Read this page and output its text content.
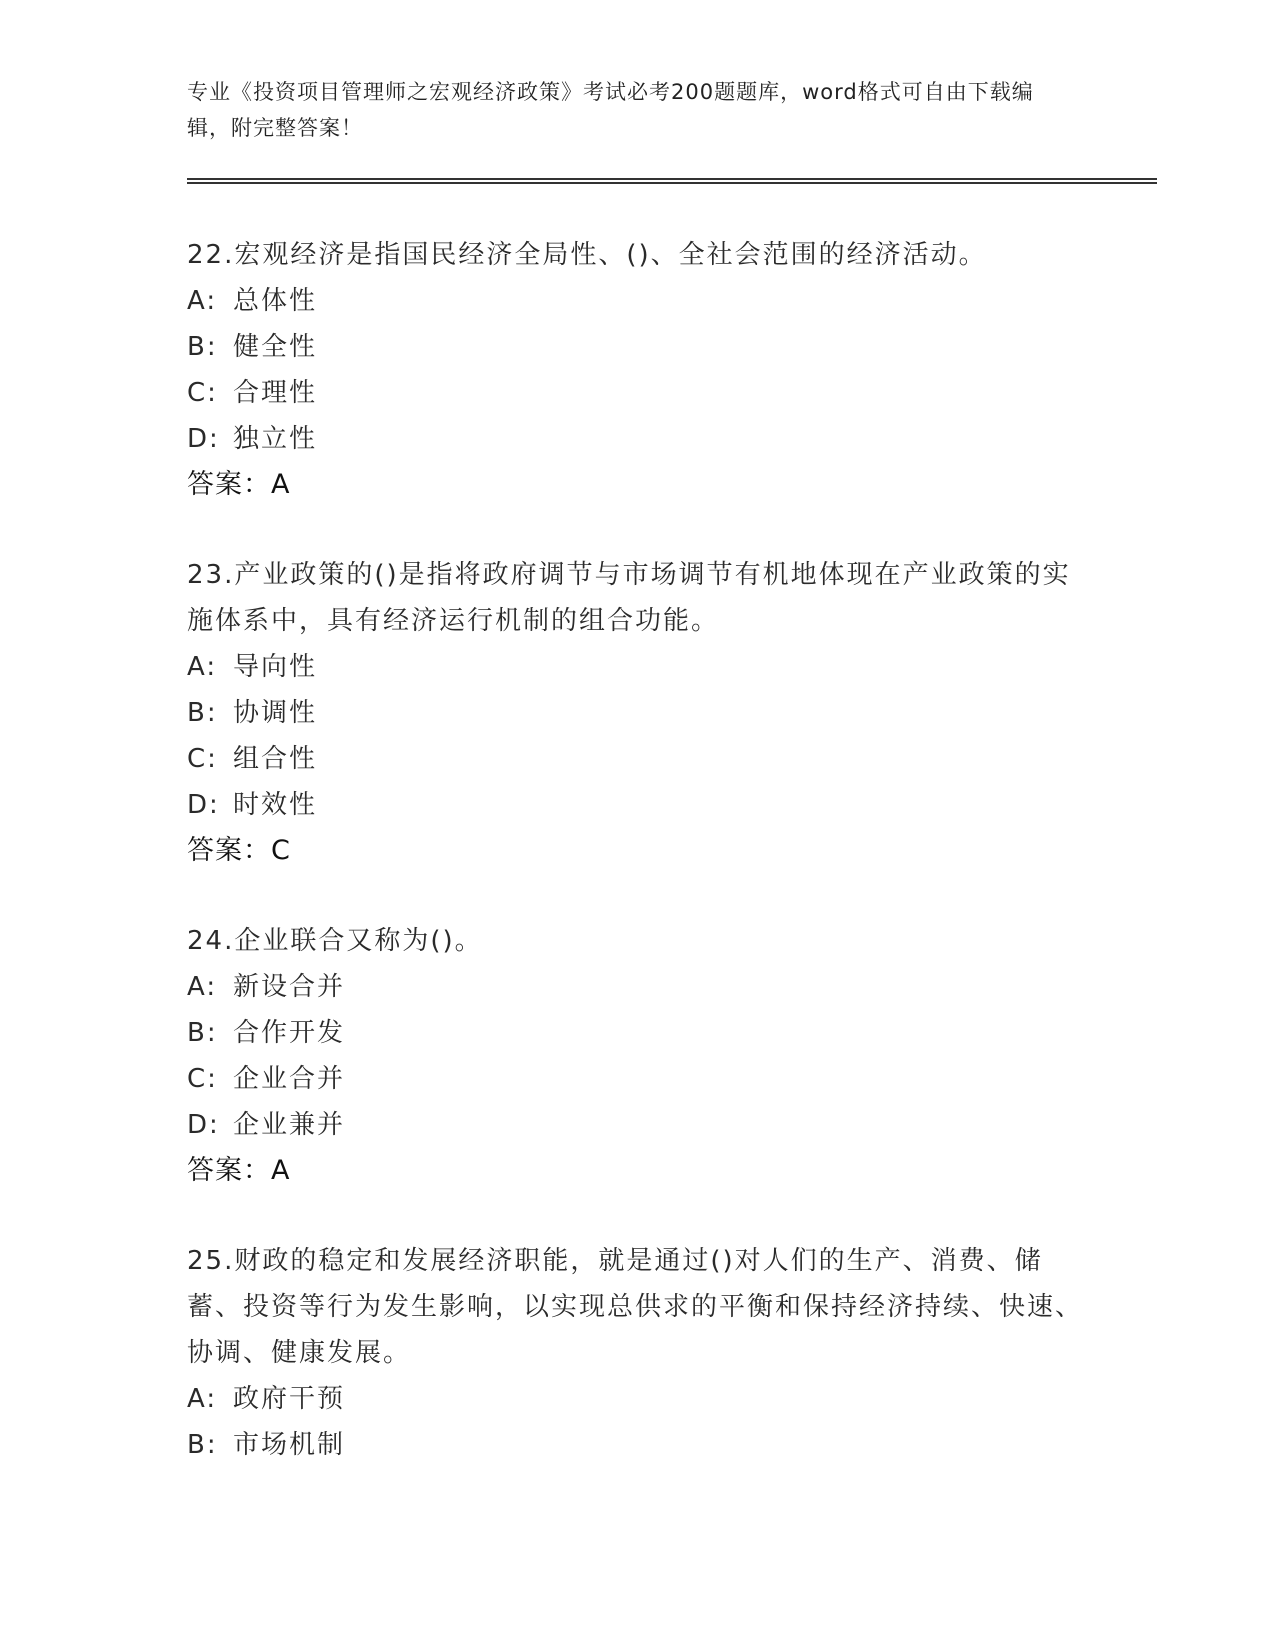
专业《投资项目管理师之宏观经济政策》考试必考200题题库，word格式可自由下载编辑，附完整答案！

22.宏观经济是指国民经济全局性、()、全社会范围的经济活动。

A: 总体性
B: 健全性
C: 合理性
D: 独立性

答案：A

23.产业政策的()是指将政府调节与市场调节有机地体现在产业政策的实施体系中，具有经济运行机制的组合功能。

A: 导向性
B: 协调性
C: 组合性
D: 时效性

答案：C

24.企业联合又称为()。

A: 新设合并
B: 合作开发
C: 企业合并
D: 企业兼并

答案：A

25.财政的稳定和发展经济职能，就是通过()对人们的生产、消费、储蓄、投资等行为发生影响，以实现总供求的平衡和保持经济持续、快速、协调、健康发展。

A: 政府干预
B: 市场机制
